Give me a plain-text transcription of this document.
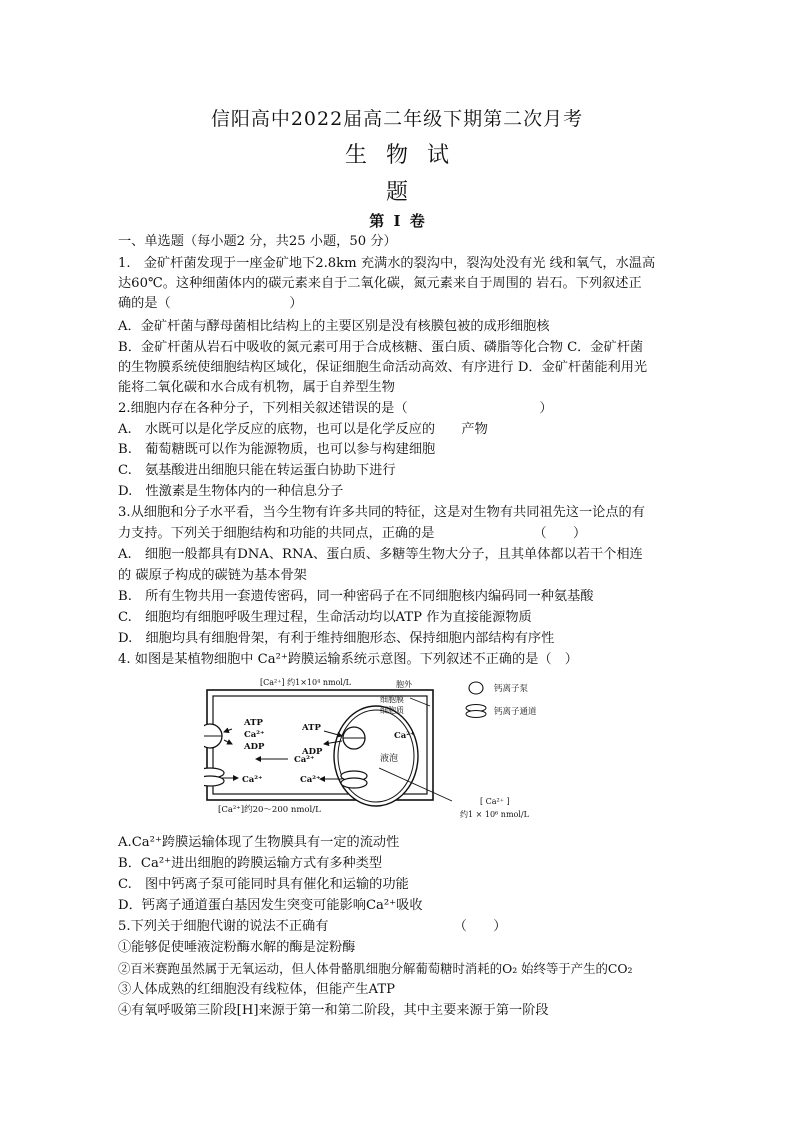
信阳高中2022届高二年级下期第二次月考
生 物 试
题
第 Ⅰ 卷
一、单选题（每小题2 分，共25 小题，50 分）
1.　金矿杆菌发现于一座金矿地下2.8km 充满水的裂沟中，裂沟处没有光 线和氧气，水温高
达60℃。这种细菌体内的碳元素来自于二氧化碳，氮元素来自于周围的 岩石。下列叙述正
确的是（　　　　　　　　　）
A．金矿杆菌与酵母菌相比结构上的主要区别是没有核膜包被的成形细胞核
B．金矿杆菌从岩石中吸收的氮元素可用于合成核糖、蛋白质、磷脂等化合物 C．金矿杆菌
的生物膜系统使细胞结构区域化，保证细胞生命活动高效、有序进行 D．金矿杆菌能利用光
能将二氧化碳和水合成有机物，属于自养型生物
2.细胞内存在各种分子，下列相关叙述错误的是（　　　　　　　　　　）
A.　水既可以是化学反应的底物，也可以是化学反应的　　产物
B.　葡萄糖既可以作为能源物质，也可以参与构建细胞
C.　氨基酸进出细胞只能在转运蛋白协助下进行
D.　性激素是生物体内的一种信息分子
3.从细胞和分子水平看，当今生物有许多共同的特征，这是对生物有共同祖先这一论点的有
力支持。下列关于细胞结构和功能的共同点，正确的是　　　　　　　　（　　）
A.　细胞一般都具有DNA、RNA、蛋白质、多糖等生物大分子，且其单体都以若干个相连
的 碳原子构成的碳链为基本骨架
B.　所有生物共用一套遗传密码，同一种密码子在不同细胞核内编码同一种氨基酸
C.　细胞均有细胞呼吸生理过程，生命活动均以ATP 作为直接能源物质
D.　细胞均具有细胞骨架，有利于维持细胞形态、保持细胞内部结构有序性
4. 如图是某植物细胞中 Ca²⁺跨膜运输系统示意图。下列叙述不正确的是（　）
[Ca²⁺] 约1×10⁴ nmol/L	胞外
细胞膜
细胞质
钙离子泵
钙离子通道
ATP
Ca²⁺
ADP
Ca²⁺
ATP
ADP
Ca²⁺
Ca²⁺
Ca²⁺
液泡
[Ca²⁺]约20～200 nmol/L
[ Ca²⁺ ]
约1 × 10⁶ nmol/L
A.Ca²⁺跨膜运输体现了生物膜具有一定的流动性
B．Ca²⁺进出细胞的跨膜运输方式有多种类型
C.　图中钙离子泵可能同时具有催化和运输的功能
D．钙离子通道蛋白基因发生突变可能影响Ca²⁺吸收
5.下列关于细胞代谢的说法不正确有　　　　　　　　　　（　　）
①能够促使唾液淀粉酶水解的酶是淀粉酶
②百米赛跑虽然属于无氧运动，但人体骨骼肌细胞分解葡萄糖时消耗的O₂ 始终等于产生的CO₂
③人体成熟的红细胞没有线粒体，但能产生ATP
④有氧呼吸第三阶段[H]来源于第一和第二阶段，其中主要来源于第一阶段
